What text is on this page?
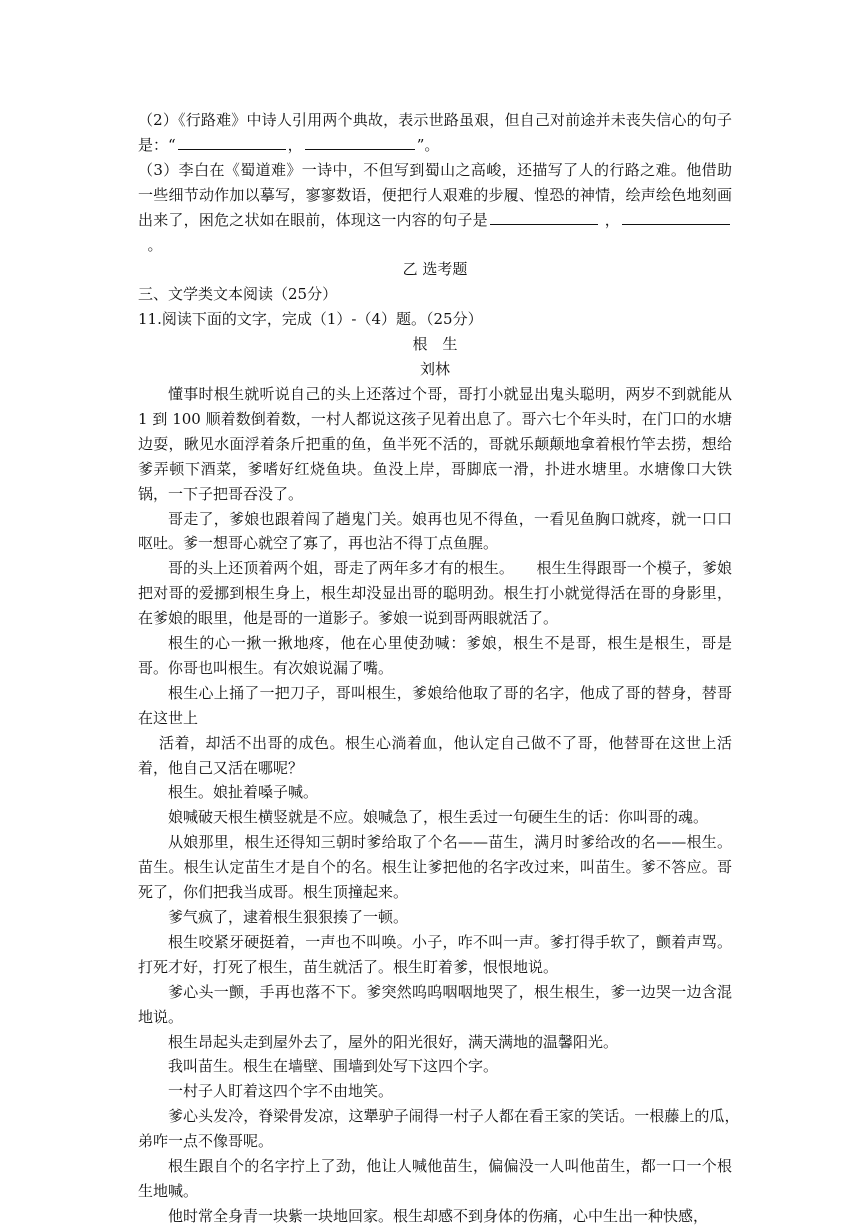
（2）《行路难》中诗人引用两个典故，表示世路虽艰，但自己对前途并未丧失信心的句子是：“	，	”。

（3）李白在《蜀道难》一诗中，不但写到蜀山之高峻，还描写了人的行路之难。他借助一些细节动作加以摹写，寥寥数语，便把行人艰难的步履、惶恐的神情，绘声绘色地刻画出来了，困危之状如在眼前，体现这一内容的句子是	，  。

乙 选考题

三、文学类文本阅读（25分）

11.阅读下面的文字，完成（1）-（4）题。（25分）

根　生

刘林

懂事时根生就听说自己的头上还落过个哥，哥打小就显出鬼头聪明，两岁不到就能从 1 到 100 顺着数倒着数，一村人都说这孩子见着出息了。哥六七个年头时，在门口的水塘边耍，瞅见水面浮着条斤把重的鱼，鱼半死不活的，哥就乐颠颠地拿着根竹竿去捞，想给爹弄顿下酒菜，爹嗜好红烧鱼块。鱼没上岸，哥脚底一滑，扑进水塘里。水塘像口大铁锅，一下子把哥吞没了。

哥走了，爹娘也跟着闯了趟鬼门关。娘再也见不得鱼，一看见鱼胸口就疼，就一口口呕吐。爹一想哥心就空了寡了，再也沾不得丁点鱼腥。

哥的头上还顶着两个姐，哥走了两年多才有的根生。　　根生生得跟哥一个模子，爹娘把对哥的爱挪到根生身上，根生却没显出哥的聪明劲。根生打小就觉得活在哥的身影里，在爹娘的眼里，他是哥的一道影子。爹娘一说到哥两眼就活了。

根生的心一揪一揪地疼，他在心里使劲喊：爹娘，根生不是哥，根生是根生，哥是哥。你哥也叫根生。有次娘说漏了嘴。

根生心上捅了一把刀子，哥叫根生，爹娘给他取了哥的名字，他成了哥的替身，替哥在这世上

活着，却活不出哥的成色。根生心淌着血，他认定自己做不了哥，他替哥在这世上活着，他自己又活在哪呢？

根生。娘扯着嗓子喊。

娘喊破天根生横竖就是不应。娘喊急了，根生丢过一句硬生生的话：你叫哥的魂。

从娘那里，根生还得知三朝时爹给取了个名——苗生，满月时爹给改的名——根生。苗生。根生认定苗生才是自个的名。根生让爹把他的名字改过来，叫苗生。爹不答应。哥死了，你们把我当成哥。根生顶撞起来。

爹气疯了，逮着根生狠狠揍了一顿。

根生咬紧牙硬挺着，一声也不叫唤。小子，咋不叫一声。爹打得手软了，颤着声骂。打死才好，打死了根生，苗生就活了。根生盯着爹，恨恨地说。

爹心头一颤，手再也落不下。爹突然呜呜咽咽地哭了，根生根生，爹一边哭一边含混地说。

根生昂起头走到屋外去了，屋外的阳光很好，满天满地的温馨阳光。

我叫苗生。根生在墙壁、围墙到处写下这四个字。

一村子人盯着这四个字不由地笑。

爹心头发冷，脊梁骨发凉，这犟驴子闹得一村子人都在看王家的笑话。一根藤上的瓜，　弟咋一点不像哥呢。

根生跟自个的名字拧上了劲，他让人喊他苗生，偏偏没一人叫他苗生，都一口一个根生地喊。

他时常全身青一块紫一块地回家。根生却感不到身体的伤痛，心中生出一种快感，
